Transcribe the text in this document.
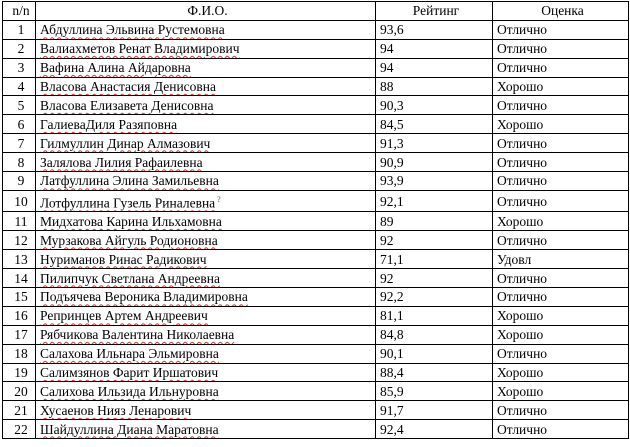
n/n	Ф.И.О.	Рейтинг	Оценка
1	Абдуллина Эльвина Рустемовна	93,6	Отлично
2	Валиахметов Ренат Владимирович	94	Отлично
3	Вафина Алина Айдаровна	94	Отлично
4	Власова Анастасия Денисовна	88	Хорошо
5	Власова Елизавета Денисовна	90,3	Отлично
6	ГалиеваДиля Разяповна	84,5	Хорошо
7	Гилмуллин Динар Алмазович	91,3	Отлично
8	Залялова Лилия Рафаилевна	90,9	Отлично
9	Латфуллина Элина Замильевна	93,9	Отлично
10	Лотфуллина Гузель Риналевна ?	92,1	Отлично
11	Мидхатова Карина Ильхамовна	89	Хорошо
12	Мурзакова Айгуль Родионовна	92	Отлично
13	Нуриманов Ринас Радикович	71,1	Удовл
14	Пилипчук Светлана Андреевна	92	Отлично
15	Подъячева Вероника Владимировна	92,2	Отлично
16	Репринцев Артем Андреевич	81,1	Хорошо
17	Рябчикова Валентина Николаевна	84,8	Хорошо
18	Салахова Ильнара Эльмировна	90,1	Отлично
19	Салимзянов Фарит Иршатович	88,4	Хорошо
20	Салихова Ильзида Ильнуровна	85,9	Хорошо
21	Хусаенов Нияз Ленарович	91,7	Отлично
22	Шайдуллина Диана Маратовна	92,4	Отлично
